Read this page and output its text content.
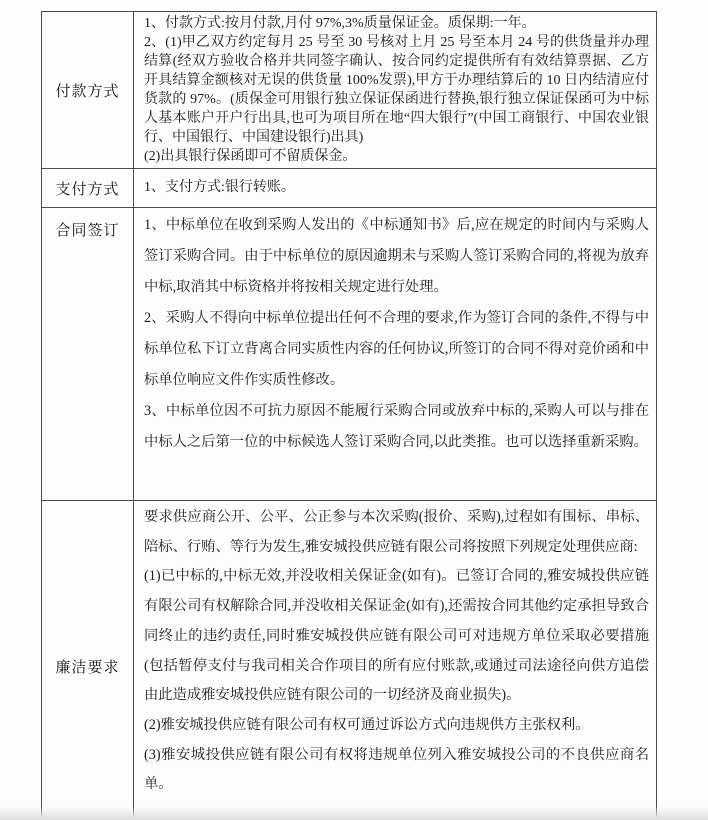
付款方式	1、付款方式:按月付款,月付 97%,3%质量保证金。质保期:一年。

2、(1)甲乙双方约定每月 25 号至 30 号核对上月 25 号至本月 24 号的供货量并办理结算(经双方验收合格并共同签字确认、按合同约定提供所有有效结算票据、乙方开具结算金额核对无误的供货量 100%发票),甲方于办理结算后的 10 日内结清应付货款的 97%。(质保金可用银行独立保证保函进行替换,银行独立保证保函可为中标人基本账户开户行出具,也可为项目所在地“四大银行”(中国工商银行、中国农业银行、中国银行、中国建设银行)出具)

(2)出具银行保函即可不留质保金。

支付方式	1、支付方式:银行转账。

合同签订	1、中标单位在收到采购人发出的《中标通知书》后,应在规定的时间内与采购人签订采购合同。由于中标单位的原因逾期未与采购人签订采购合同的,将视为放弃中标,取消其中标资格并将按相关规定进行处理。

2、采购人不得向中标单位提出任何不合理的要求,作为签订合同的条件,不得与中标单位私下订立背离合同实质性内容的任何协议,所签订的合同不得对竞价函和中标单位响应文件作实质性修改。

3、中标单位因不可抗力原因不能履行采购合同或放弃中标的,采购人可以与排在中标人之后第一位的中标候选人签订采购合同,以此类推。也可以选择重新采购。

廉洁要求	要求供应商公开、公平、公正参与本次采购(报价、采购),过程如有围标、串标、陪标、行贿、等行为发生,雅安城投供应链有限公司将按照下列规定处理供应商:

(1)已中标的,中标无效,并没收相关保证金(如有)。已签订合同的,雅安城投供应链有限公司有权解除合同,并没收相关保证金(如有),还需按合同其他约定承担导致合同终止的违约责任,同时雅安城投供应链有限公司可对违规方单位采取必要措施(包括暂停支付与我司相关合作项目的所有应付账款,或通过司法途径向供方追偿由此造成雅安城投供应链有限公司的一切经济及商业损失)。

(2)雅安城投供应链有限公司有权可通过诉讼方式向违规供方主张权利。

(3)雅安城投供应链有限公司有权将违规单位列入雅安城投公司的不良供应商名单。
